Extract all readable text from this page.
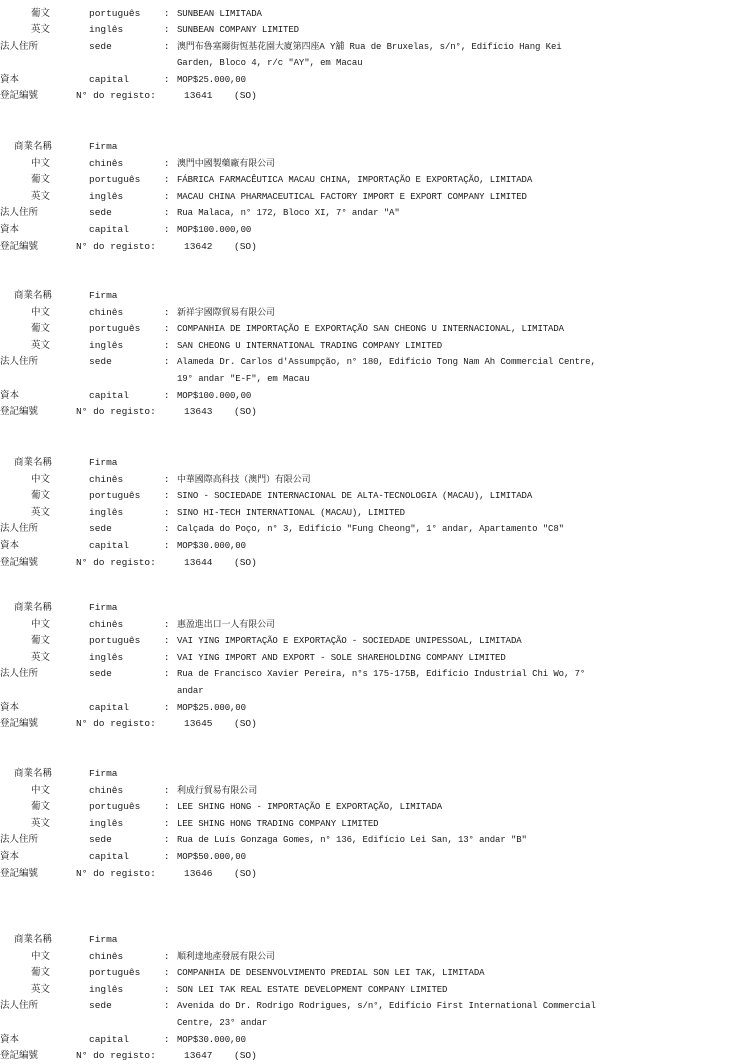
葡文	português	: SUNBEAN LIMITADA
英文	inglês	: SUNBEAN COMPANY LIMITED
法人住所	sede	: 澳門布魯塞爾街恆基花園大廈第四座A Y舖 Rua de Bruxelas, s/n°, Edifício Hang Kei
Garden, Bloco 4, r/c "AY", em Macau
資本	capital	: MOP$25.000,00
登記編號	N° do registo:	13641 (SO)
商業名稱	Firma
中文	chinês	: 澳門中國製藥廠有限公司
葡文	português	: FÁBRICA FARMACÊUTICA MACAU CHINA, IMPORTAÇÃO E EXPORTAÇÃO, LIMITADA
英文	inglês	: MACAU CHINA PHARMACEUTICAL FACTORY IMPORT E EXPORT COMPANY LIMITED
法人住所	sede	: Rua Malaca, n° 172, Bloco XI, 7° andar "A"
資本	capital	: MOP$100.000,00
登記編號	N° do registo:	13642 (SO)
商業名稱	Firma
中文	chinês	: 新祥宇國際貿易有限公司
葡文	português	: COMPANHIA DE IMPORTAÇÃO E EXPORTAÇÃO SAN CHEONG U INTERNACIONAL, LIMITADA
英文	inglês	: SAN CHEONG U INTERNATIONAL TRADING COMPANY LIMITED
法人住所	sede	: Alameda Dr. Carlos d'Assumpção, n° 180, Edifício Tong Nam Ah Commercial Centre,
19° andar "E-F", em Macau
資本	capital	: MOP$100.000,00
登記編號	N° do registo:	13643 (SO)
商業名稱	Firma
中文	chinês	: 中華國際高科技（澳門）有限公司
葡文	português	: SINO - SOCIEDADE INTERNACIONAL DE ALTA-TECNOLOGIA (MACAU), LIMITADA
英文	inglês	: SINO HI-TECH INTERNATIONAL (MACAU), LIMITED
法人住所	sede	: Calçada do Poço, n° 3, Edifício "Fung Cheong", 1° andar, Apartamento "C8"
資本	capital	: MOP$30.000,00
登記編號	N° do registo:	13644 (SO)
商業名稱	Firma
中文	chinês	: 惠盈進出口一人有限公司
葡文	português	: VAI YING IMPORTAÇÃO E EXPORTAÇÃO - SOCIEDADE UNIPESSOAL, LIMITADA
英文	inglês	: VAI YING IMPORT AND EXPORT - SOLE SHAREHOLDING COMPANY LIMITED
法人住所	sede	: Rua de Francisco Xavier Pereira, n°s 175-175B, Edifício Industrial Chi Wo, 7°
andar
資本	capital	: MOP$25.000,00
登記編號	N° do registo:	13645 (SO)
商業名稱	Firma
中文	chinês	: 利成行貿易有限公司
葡文	português	: LEE SHING HONG - IMPORTAÇÃO E EXPORTAÇÃO, LIMITADA
英文	inglês	: LEE SHING HONG TRADING COMPANY LIMITED
法人住所	sede	: Rua de Luís Gonzaga Gomes, n° 136, Edifício Lei San, 13° andar "B"
資本	capital	: MOP$50.000,00
登記編號	N° do registo:	13646 (SO)
商業名稱	Firma
中文	chinês	: 順利達地產發展有限公司
葡文	português	: COMPANHIA DE DESENVOLVIMENTO PREDIAL SON LEI TAK, LIMITADA
英文	inglês	: SON LEI TAK REAL ESTATE DEVELOPMENT COMPANY LIMITED
法人住所	sede	: Avenida do Dr. Rodrigo Rodrigues, s/n°, Edifício First International Commercial
Centre, 23° andar
資本	capital	: MOP$30.000,00
登記編號	N° do registo:	13647 (SO)
